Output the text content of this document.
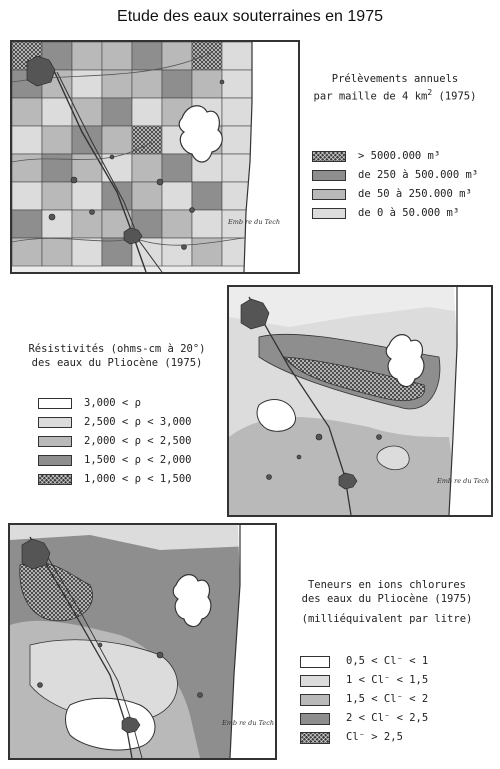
Etude des eaux souterraines en 1975
Emb re du Tech
Prélèvements annuels
par maille de 4 $km^2$ (1975)
> 5000.000 m³
de 250 à 500.000 m³
de 50 à 250.000 m³
de 0 à 50.000 m³
Emb re du Tech
Résistivités (ohms-cm à 20°)
des eaux du Pliocène (1975)
3,000 < ρ
2,500 < ρ < 3,000
2,000 < ρ < 2,500
1,500 < ρ < 2,000
1,000 < ρ < 1,500
Emb re du Tech
Teneurs en ions chlorures
des eaux du Pliocène (1975)
(milliéquivalent par litre)
0,5 < Cl⁻ < 1
1 < Cl⁻ < 1,5
1,5 < Cl⁻ < 2
2 < Cl⁻ < 2,5
Cl⁻ > 2,5
